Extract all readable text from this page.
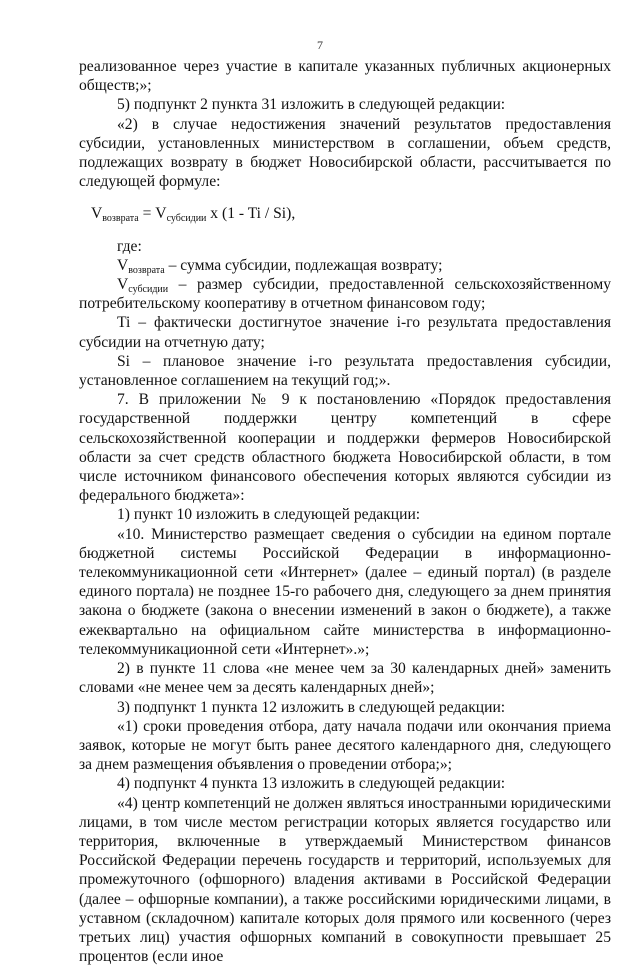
7

реализованное через участие в капитале указанных публичных акционерных обществ;»;

5) подпункт 2 пункта 31 изложить в следующей редакции:

«2) в случае недостижения значений результатов предоставления субсидии, установленных министерством в соглашении, объем средств, подлежащих возврату в бюджет Новосибирской области, рассчитывается по следующей формуле:

$V_{возврата} = V_{субсидии}$ x (1 - Ti / Si),

где:

$V_{возврата}$ – сумма субсидии, подлежащая возврату;

$V_{субсидии}$ – размер субсидии, предоставленной сельскохозяйственному потребительскому кооперативу в отчетном финансовом году;

Ti – фактически достигнутое значение i-го результата предоставления субсидии на отчетную дату;

Si – плановое значение i-го результата предоставления субсидии, установленное соглашением на текущий год;».

7. В приложении № 9 к постановлению «Порядок предоставления государственной поддержки центру компетенций в сфере сельскохозяйственной кооперации и поддержки фермеров Новосибирской области за счет средств областного бюджета Новосибирской области, в том числе источником финансового обеспечения которых являются субсидии из федерального бюджета»:

1) пункт 10 изложить в следующей редакции:

«10. Министерство размещает сведения о субсидии на едином портале бюджетной системы Российской Федерации в информационно-телекоммуникационной сети «Интернет» (далее – единый портал) (в разделе единого портала) не позднее 15-го рабочего дня, следующего за днем принятия закона о бюджете (закона о внесении изменений в закон о бюджете), а также ежеквартально на официальном сайте министерства в информационно-телекоммуникационной сети «Интернет».»;

2) в пункте 11 слова «не менее чем за 30 календарных дней» заменить словами «не менее чем за десять календарных дней»;

3) подпункт 1 пункта 12 изложить в следующей редакции:

«1) сроки проведения отбора, дату начала подачи или окончания приема заявок, которые не могут быть ранее десятого календарного дня, следующего за днем размещения объявления о проведении отбора;»;

4) подпункт 4 пункта 13 изложить в следующей редакции:

«4) центр компетенций не должен являться иностранными юридическими лицами, в том числе местом регистрации которых является государство или территория, включенные в утверждаемый Министерством финансов Российской Федерации перечень государств и территорий, используемых для промежуточного (офшорного) владения активами в Российской Федерации (далее – офшорные компании), а также российскими юридическими лицами, в уставном (складочном) капитале которых доля прямого или косвенного (через третьих лиц) участия офшорных компаний в совокупности превышает 25 процентов (если иное
